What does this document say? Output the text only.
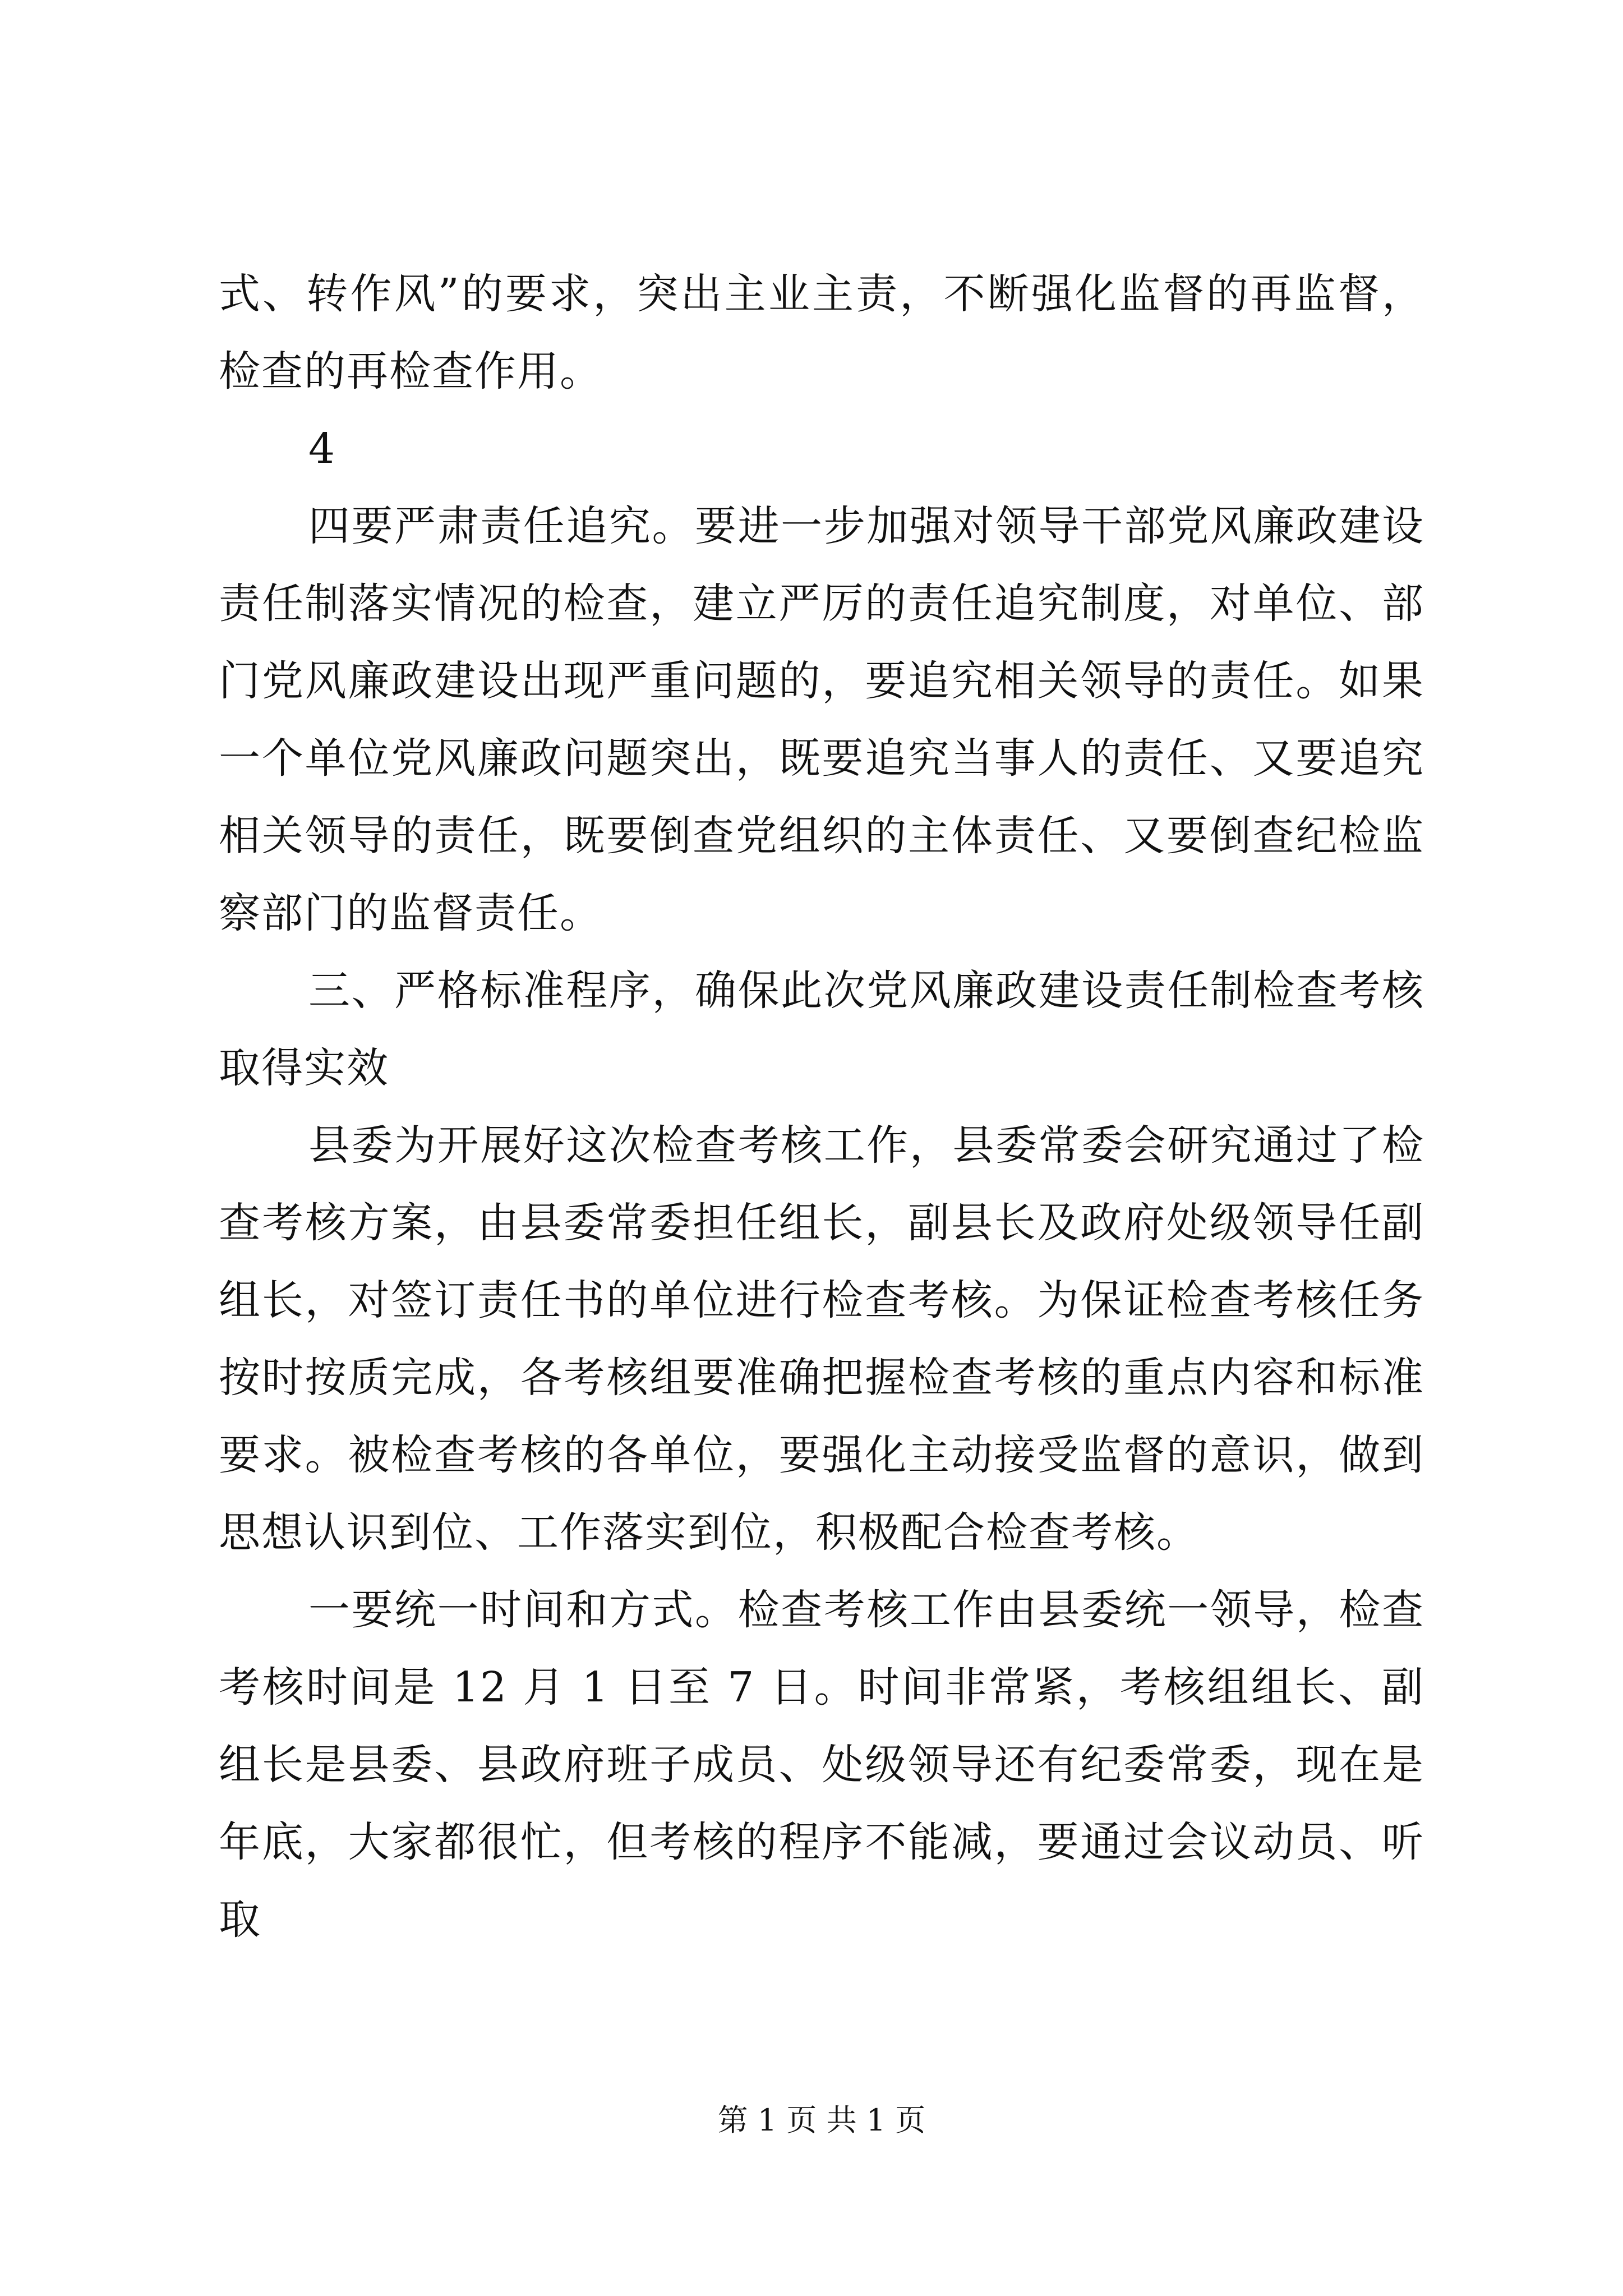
式、转作风”的要求，突出主业主责，不断强化监督的再监督，检查的再检查作用。

4

四要严肃责任追究。要进一步加强对领导干部党风廉政建设责任制落实情况的检查，建立严厉的责任追究制度，对单位、部门党风廉政建设出现严重问题的，要追究相关领导的责任。如果一个单位党风廉政问题突出，既要追究当事人的责任、又要追究相关领导的责任，既要倒查党组织的主体责任、又要倒查纪检监察部门的监督责任。

三、严格标准程序，确保此次党风廉政建设责任制检查考核取得实效

县委为开展好这次检查考核工作，县委常委会研究通过了检查考核方案，由县委常委担任组长，副县长及政府处级领导任副组长，对签订责任书的单位进行检查考核。为保证检查考核任务按时按质完成，各考核组要准确把握检查考核的重点内容和标准要求。被检查考核的各单位，要强化主动接受监督的意识，做到思想认识到位、工作落实到位，积极配合检查考核。

一要统一时间和方式。检查考核工作由县委统一领导，检查考核时间是 12 月 1 日至 7 日。时间非常紧，考核组组长、副组长是县委、县政府班子成员、处级领导还有纪委常委，现在是年底，大家都很忙，但考核的程序不能减，要通过会议动员、听取

第 1 页 共 1 页
